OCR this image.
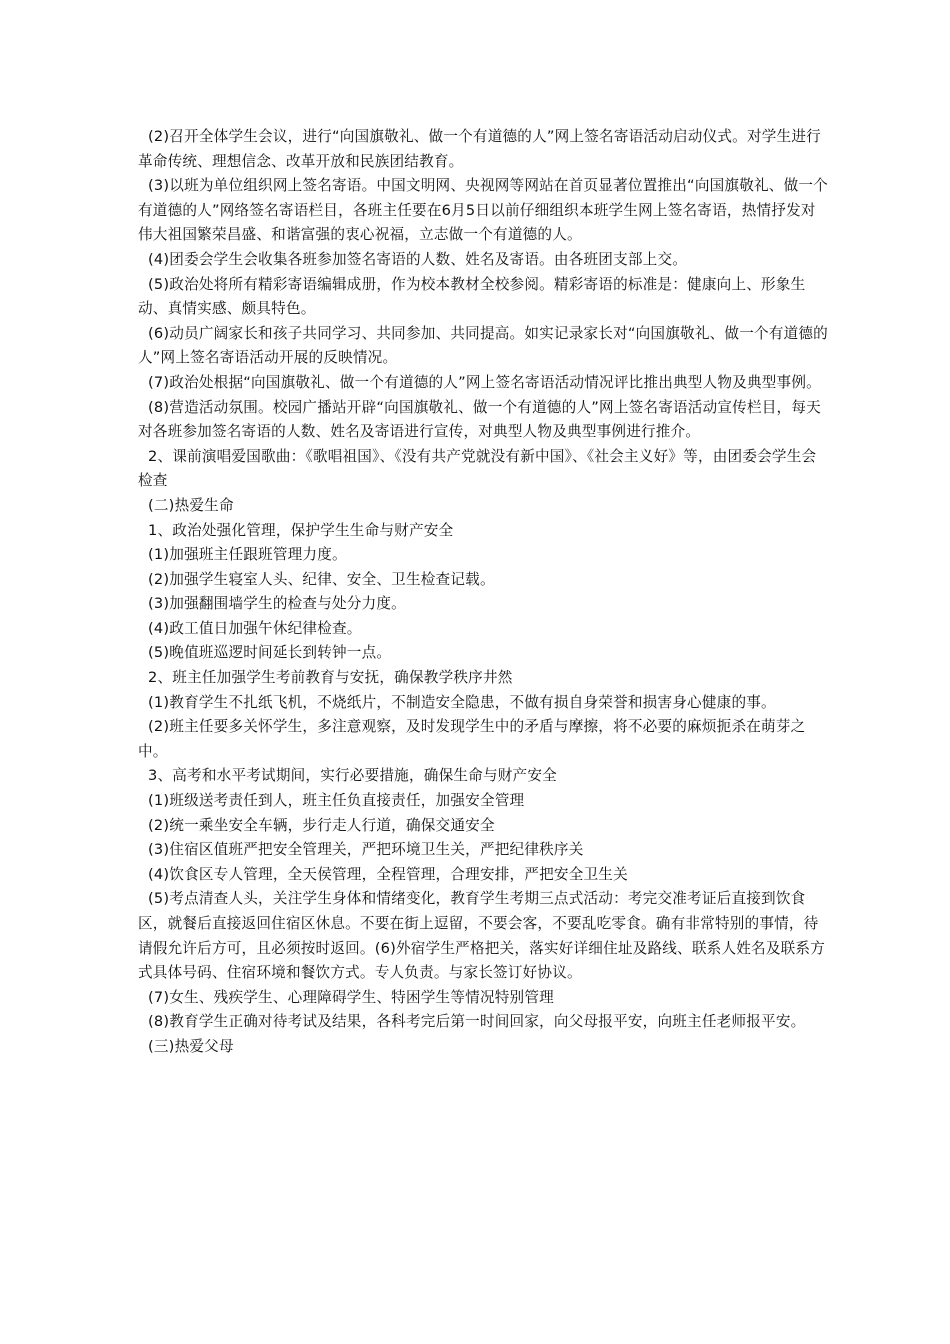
(2)召开全体学生会议，进行“向国旗敬礼、做一个有道德的人”网上签名寄语活动启动仪式。对学生进行革命传统、理想信念、改革开放和民族团结教育。

(3)以班为单位组织网上签名寄语。中国文明网、央视网等网站在首页显著位置推出“向国旗敬礼、做一个有道德的人”网络签名寄语栏目，各班主任要在6月5日以前仔细组织本班学生网上签名寄语，热情抒发对伟大祖国繁荣昌盛、和谐富强的衷心祝福，立志做一个有道德的人。

(4)团委会学生会收集各班参加签名寄语的人数、姓名及寄语。由各班团支部上交。

(5)政治处将所有精彩寄语编辑成册，作为校本教材全校参阅。精彩寄语的标准是：健康向上、形象生动、真情实感、颇具特色。

(6)动员广阔家长和孩子共同学习、共同参加、共同提高。如实记录家长对“向国旗敬礼、做一个有道德的人”网上签名寄语活动开展的反映情况。

(7)政治处根据“向国旗敬礼、做一个有道德的人”网上签名寄语活动情况评比推出典型人物及典型事例。

(8)营造活动氛围。校园广播站开辟“向国旗敬礼、做一个有道德的人”网上签名寄语活动宣传栏目，每天对各班参加签名寄语的人数、姓名及寄语进行宣传，对典型人物及典型事例进行推介。

2、课前演唱爱国歌曲：《歌唱祖国》、《没有共产党就没有新中国》、《社会主义好》等，由团委会学生会检查

(二)热爱生命

1、政治处强化管理，保护学生生命与财产安全

(1)加强班主任跟班管理力度。

(2)加强学生寝室人头、纪律、安全、卫生检查记载。

(3)加强翻围墙学生的检查与处分力度。

(4)政工值日加强午休纪律检查。

(5)晚值班巡逻时间延长到转钟一点。

2、班主任加强学生考前教育与安抚，确保教学秩序井然

(1)教育学生不扎纸飞机，不烧纸片，不制造安全隐患，不做有损自身荣誉和损害身心健康的事。

(2)班主任要多关怀学生，多注意观察，及时发现学生中的矛盾与摩擦，将不必要的麻烦扼杀在萌芽之中。

3、高考和水平考试期间，实行必要措施，确保生命与财产安全

(1)班级送考责任到人，班主任负直接责任，加强安全管理

(2)统一乘坐安全车辆，步行走人行道，确保交通安全

(3)住宿区值班严把安全管理关，严把环境卫生关，严把纪律秩序关

(4)饮食区专人管理，全天侯管理，全程管理，合理安排，严把安全卫生关

(5)考点清查人头，关注学生身体和情绪变化，教育学生考期三点式活动：考完交准考证后直接到饮食区，就餐后直接返回住宿区休息。不要在街上逗留，不要会客，不要乱吃零食。确有非常特别的事情，待请假允许后方可，且必须按时返回。(6)外宿学生严格把关，落实好详细住址及路线、联系人姓名及联系方式具体号码、住宿环境和餐饮方式。专人负责。与家长签订好协议。

(7)女生、残疾学生、心理障碍学生、特困学生等情况特别管理

(8)教育学生正确对待考试及结果，各科考完后第一时间回家，向父母报平安，向班主任老师报平安。

(三)热爱父母
